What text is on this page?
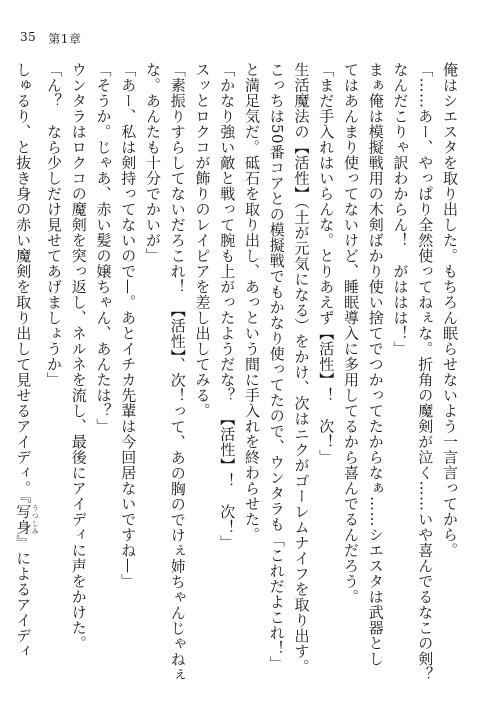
35 第1章
俺はシエスタを取り出した。もちろん眠らせないよう一言言ってから。
「……あー、やっぱり全然使ってねぇな。折角の魔剣が泣く……いや喜んでるなこの剣？
なんだこりゃ訳わからん！　がははは！」
まぁ俺は模擬戦用の木剣ばかり使い捨てでつかってたからなぁ……シエスタは武器とし
てはあんまり使ってないけど、睡眠導入に多用してるから喜んでるんだろう。
「まだ手入れはいらんな。とりあえず【活性】！　次！」
生活魔法の【活性】（土が元気になる）をかけ、次はニクがゴーレムナイフを取り出す。
こっちは50番コアとの模擬戦でもかなり使ってたので、ウンタラも「これだよこれ！」
と満足気だ。砥石を取り出し、あっという間に手入れを終わらせた。
「かなり強い敵と戦って腕も上がったようだな？　【活性】！　次！」
スッとロクコが飾りのレイピアを差し出してみる。
「素振りすらしてないだろこれ！　【活性】、次！って、あの胸のでけぇ姉ちゃんじゃねぇ
な。あんたも十分でかいが」
「あー、私は剣持ってないので—。あとイチカ先輩は今回居ないですね—」
「そうか。じゃあ、赤い髪の嬢ちゃん、あんたは？」
ウンタラはロクコの魔剣を突っ返し、ネルネを流し、最後にアイディに声をかけた。
「ん？　なら少しだけ見せてあげましょうか」
しゅるり、と抜き身の赤い魔剣を取り出して見せるアイディ。『写身 うつしみ』によるアイディ
